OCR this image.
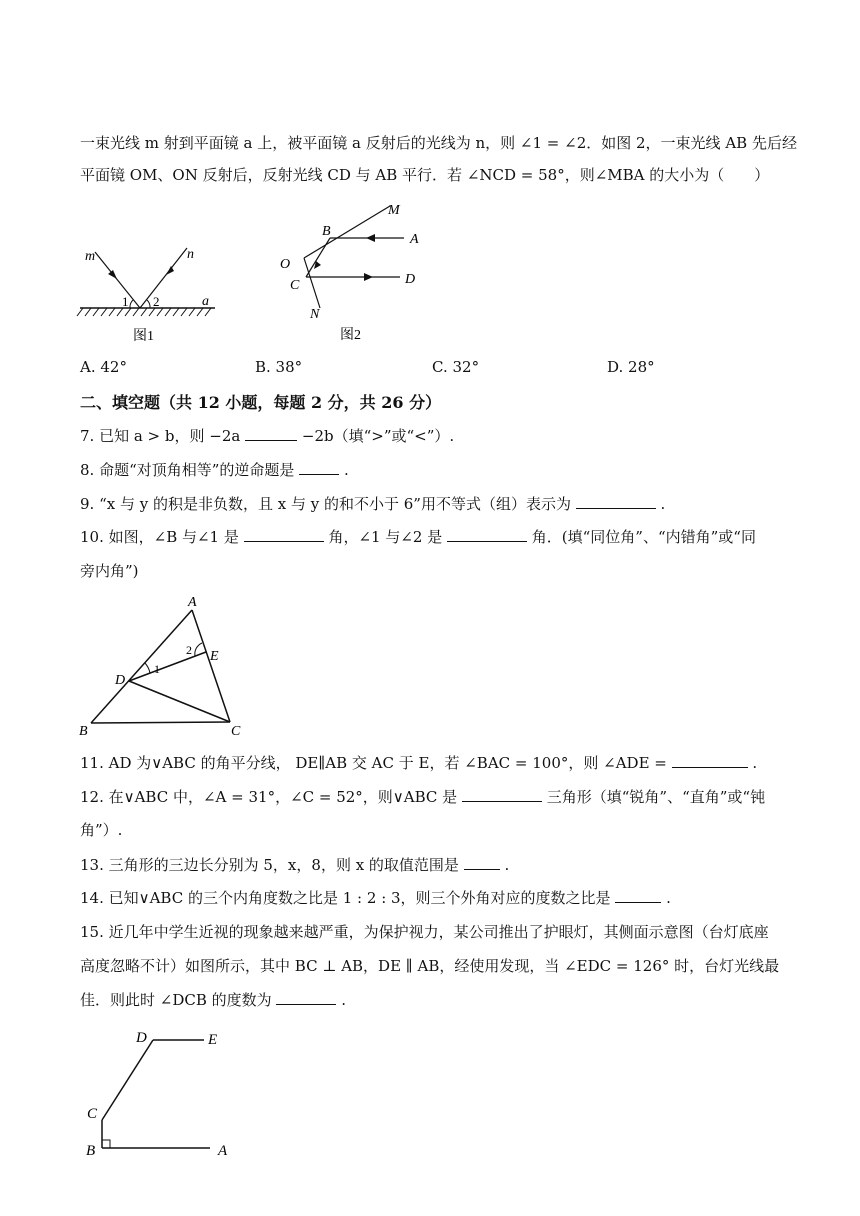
一束光线 m 射到平面镜 a 上，被平面镜 a 反射后的光线为 n，则 ∠1 = ∠2．如图 2，一束光线 AB 先后经
平面镜 OM、ON 反射后，反射光线 CD 与 AB 平行．若 ∠NCD = 58°，则∠MBA 的大小为（　　）
m	n
a
1 2
图1
M
B
A
O
C	D
N
图2
A. 42°	B. 38°	C. 32°	D. 28°
二、填空题（共 12 小题，每题 2 分，共 26 分）
7. 已知 a > b，则 −2a	−2b（填“>”或“<”）.
8. 命题“对顶角相等”的逆命题是	.
9. “x 与 y 的积是非负数，且 x 与 y 的和不小于 6”用不等式（组）表示为	.
10. 如图，∠B 与∠1 是	角，∠1 与∠2 是	角．(填“同位角”、“内错角”或“同
旁内角”)
A
B	C
D
E
1
2
11. AD 为∨ABC 的角平分线， DE∥AB 交 AC 于 E，若 ∠BAC = 100°，则 ∠ADE =	.
12. 在∨ABC 中，∠A = 31°，∠C = 52°，则∨ABC 是	三角形（填“锐角”、“直角”或“钝
角”）.
13. 三角形的三边长分别为 5，x，8，则 x 的取值范围是	.
14. 已知∨ABC 的三个内角度数之比是 1 : 2 : 3，则三个外角对应的度数之比是	.
15. 近几年中学生近视的现象越来越严重，为保护视力，某公司推出了护眼灯，其侧面示意图（台灯底座
高度忽略不计）如图所示，其中 BC ⊥ AB，DE ∥ AB，经使用发现，当 ∠EDC = 126° 时，台灯光线最
佳．则此时 ∠DCB 的度数为	.
D	E
C
B	A
